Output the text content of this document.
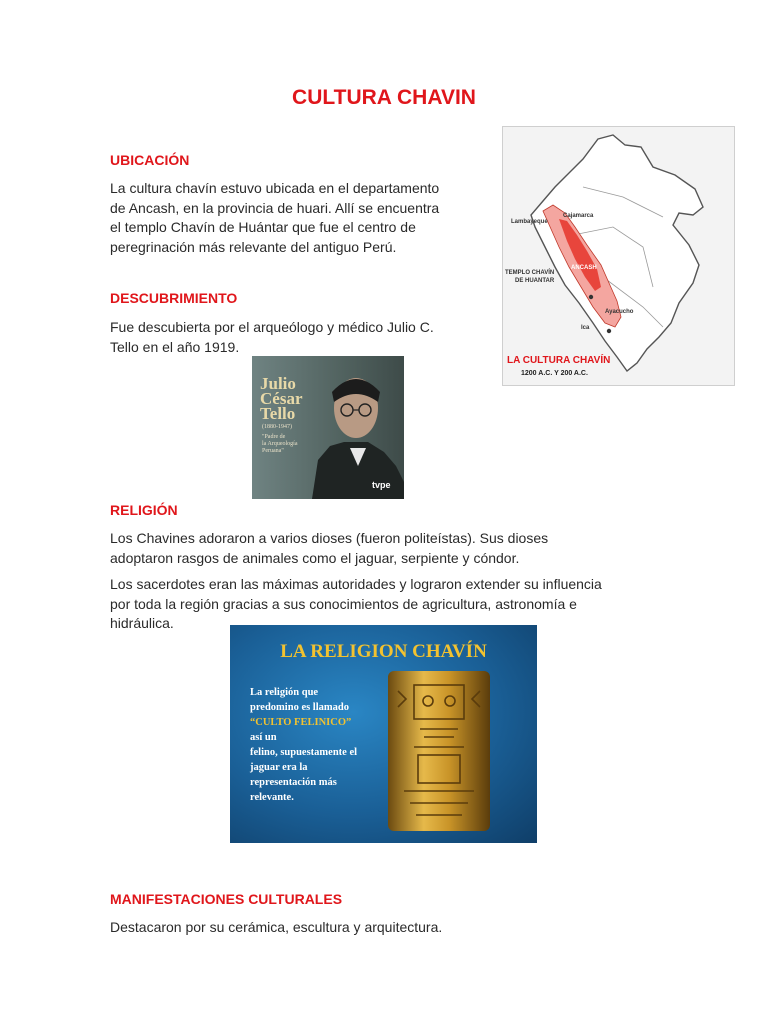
CULTURA CHAVIN
UBICACIÓN
La cultura chavín estuvo ubicada en el departamento
de Ancash, en la provincia de huari. Allí se encuentra
el templo Chavín de Huántar que fue el centro de
peregrinación más relevante del antiguo Perú.
DESCUBRIMIENTO
Fue descubierta por el arqueólogo y médico Julio C.
Tello en el año 1919.
Cajamarca
Lambayeque
TEMPLO CHAVÍN
DE HUANTAR
ANCASH
Ayacucho
Ica
LA CULTURA CHAVÍN
1200 A.C. Y 200 A.C.
Julio
César
Tello
(1880-1947)
"Padre de
la Arqueología
Peruana"
tvpe
RELIGIÓN
Los Chavines adoraron a varios dioses (fueron politeístas). Sus dioses
adoptaron rasgos de animales como el jaguar, serpiente y cóndor.
Los sacerdotes eran las máximas autoridades y lograron extender su influencia
por toda la región gracias a sus conocimientos de agricultura, astronomía e
hidráulica.
LA RELIGION CHAVÍN
La religión que
predomino es llamado
“CULTO FELINICO”
así un
felino, supuestamente el
jaguar era la
representación más
relevante.
MANIFESTACIONES CULTURALES
Destacaron por su cerámica, escultura y arquitectura.
